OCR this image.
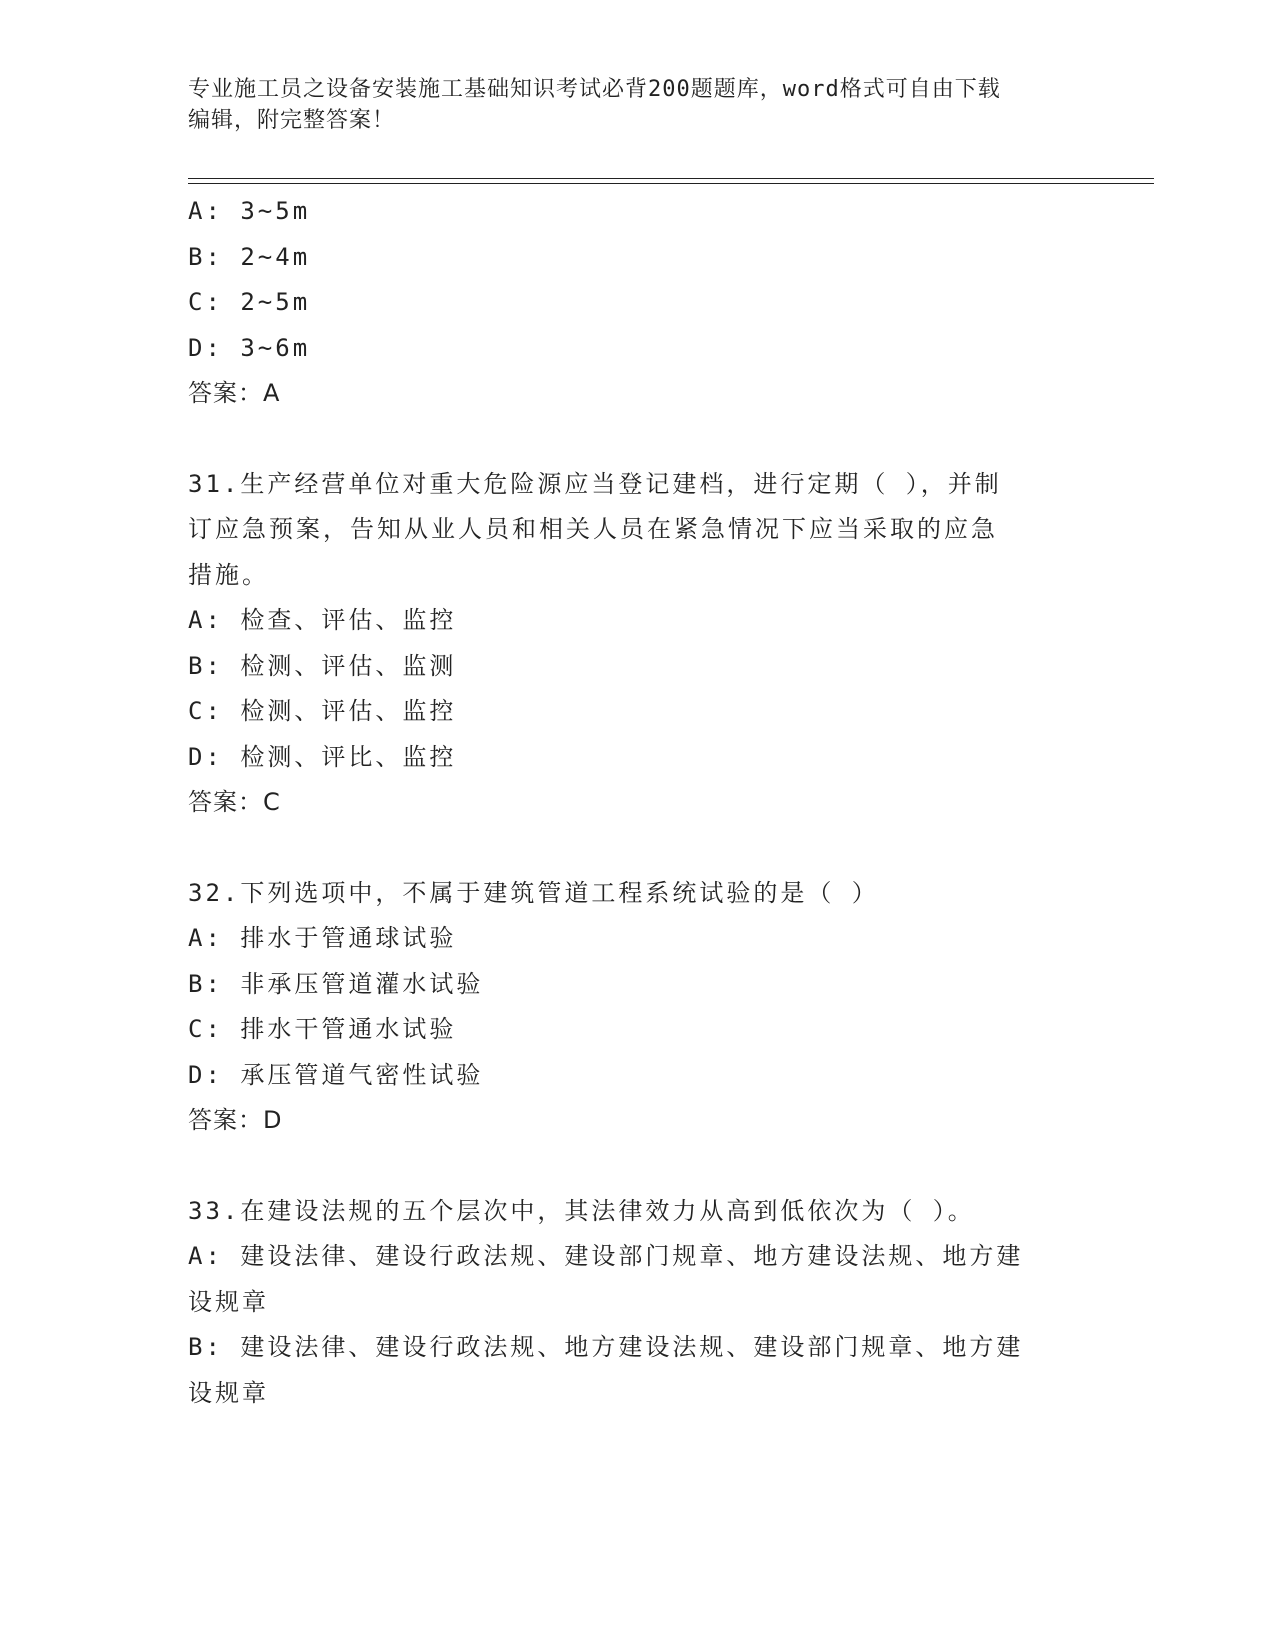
专业施工员之设备安装施工基础知识考试必背200题题库，word格式可自由下载
编辑，附完整答案！
A: 3~5m
B: 2~4m
C: 2~5m
D: 3~6m
答案：A
31.生产经营单位对重大危险源应当登记建档，进行定期（ ），并制
订应急预案，告知从业人员和相关人员在紧急情况下应当采取的应急
措施。
A: 检查、评估、监控
B: 检测、评估、监测
C: 检测、评估、监控
D: 检测、评比、监控
答案：C
32.下列选项中，不属于建筑管道工程系统试验的是（ ）
A: 排水于管通球试验
B: 非承压管道灌水试验
C: 排水干管通水试验
D: 承压管道气密性试验
答案：D
33.在建设法规的五个层次中，其法律效力从高到低依次为（ ）。
A: 建设法律、建设行政法规、建设部门规章、地方建设法规、地方建
设规章
B: 建设法律、建设行政法规、地方建设法规、建设部门规章、地方建
设规章
